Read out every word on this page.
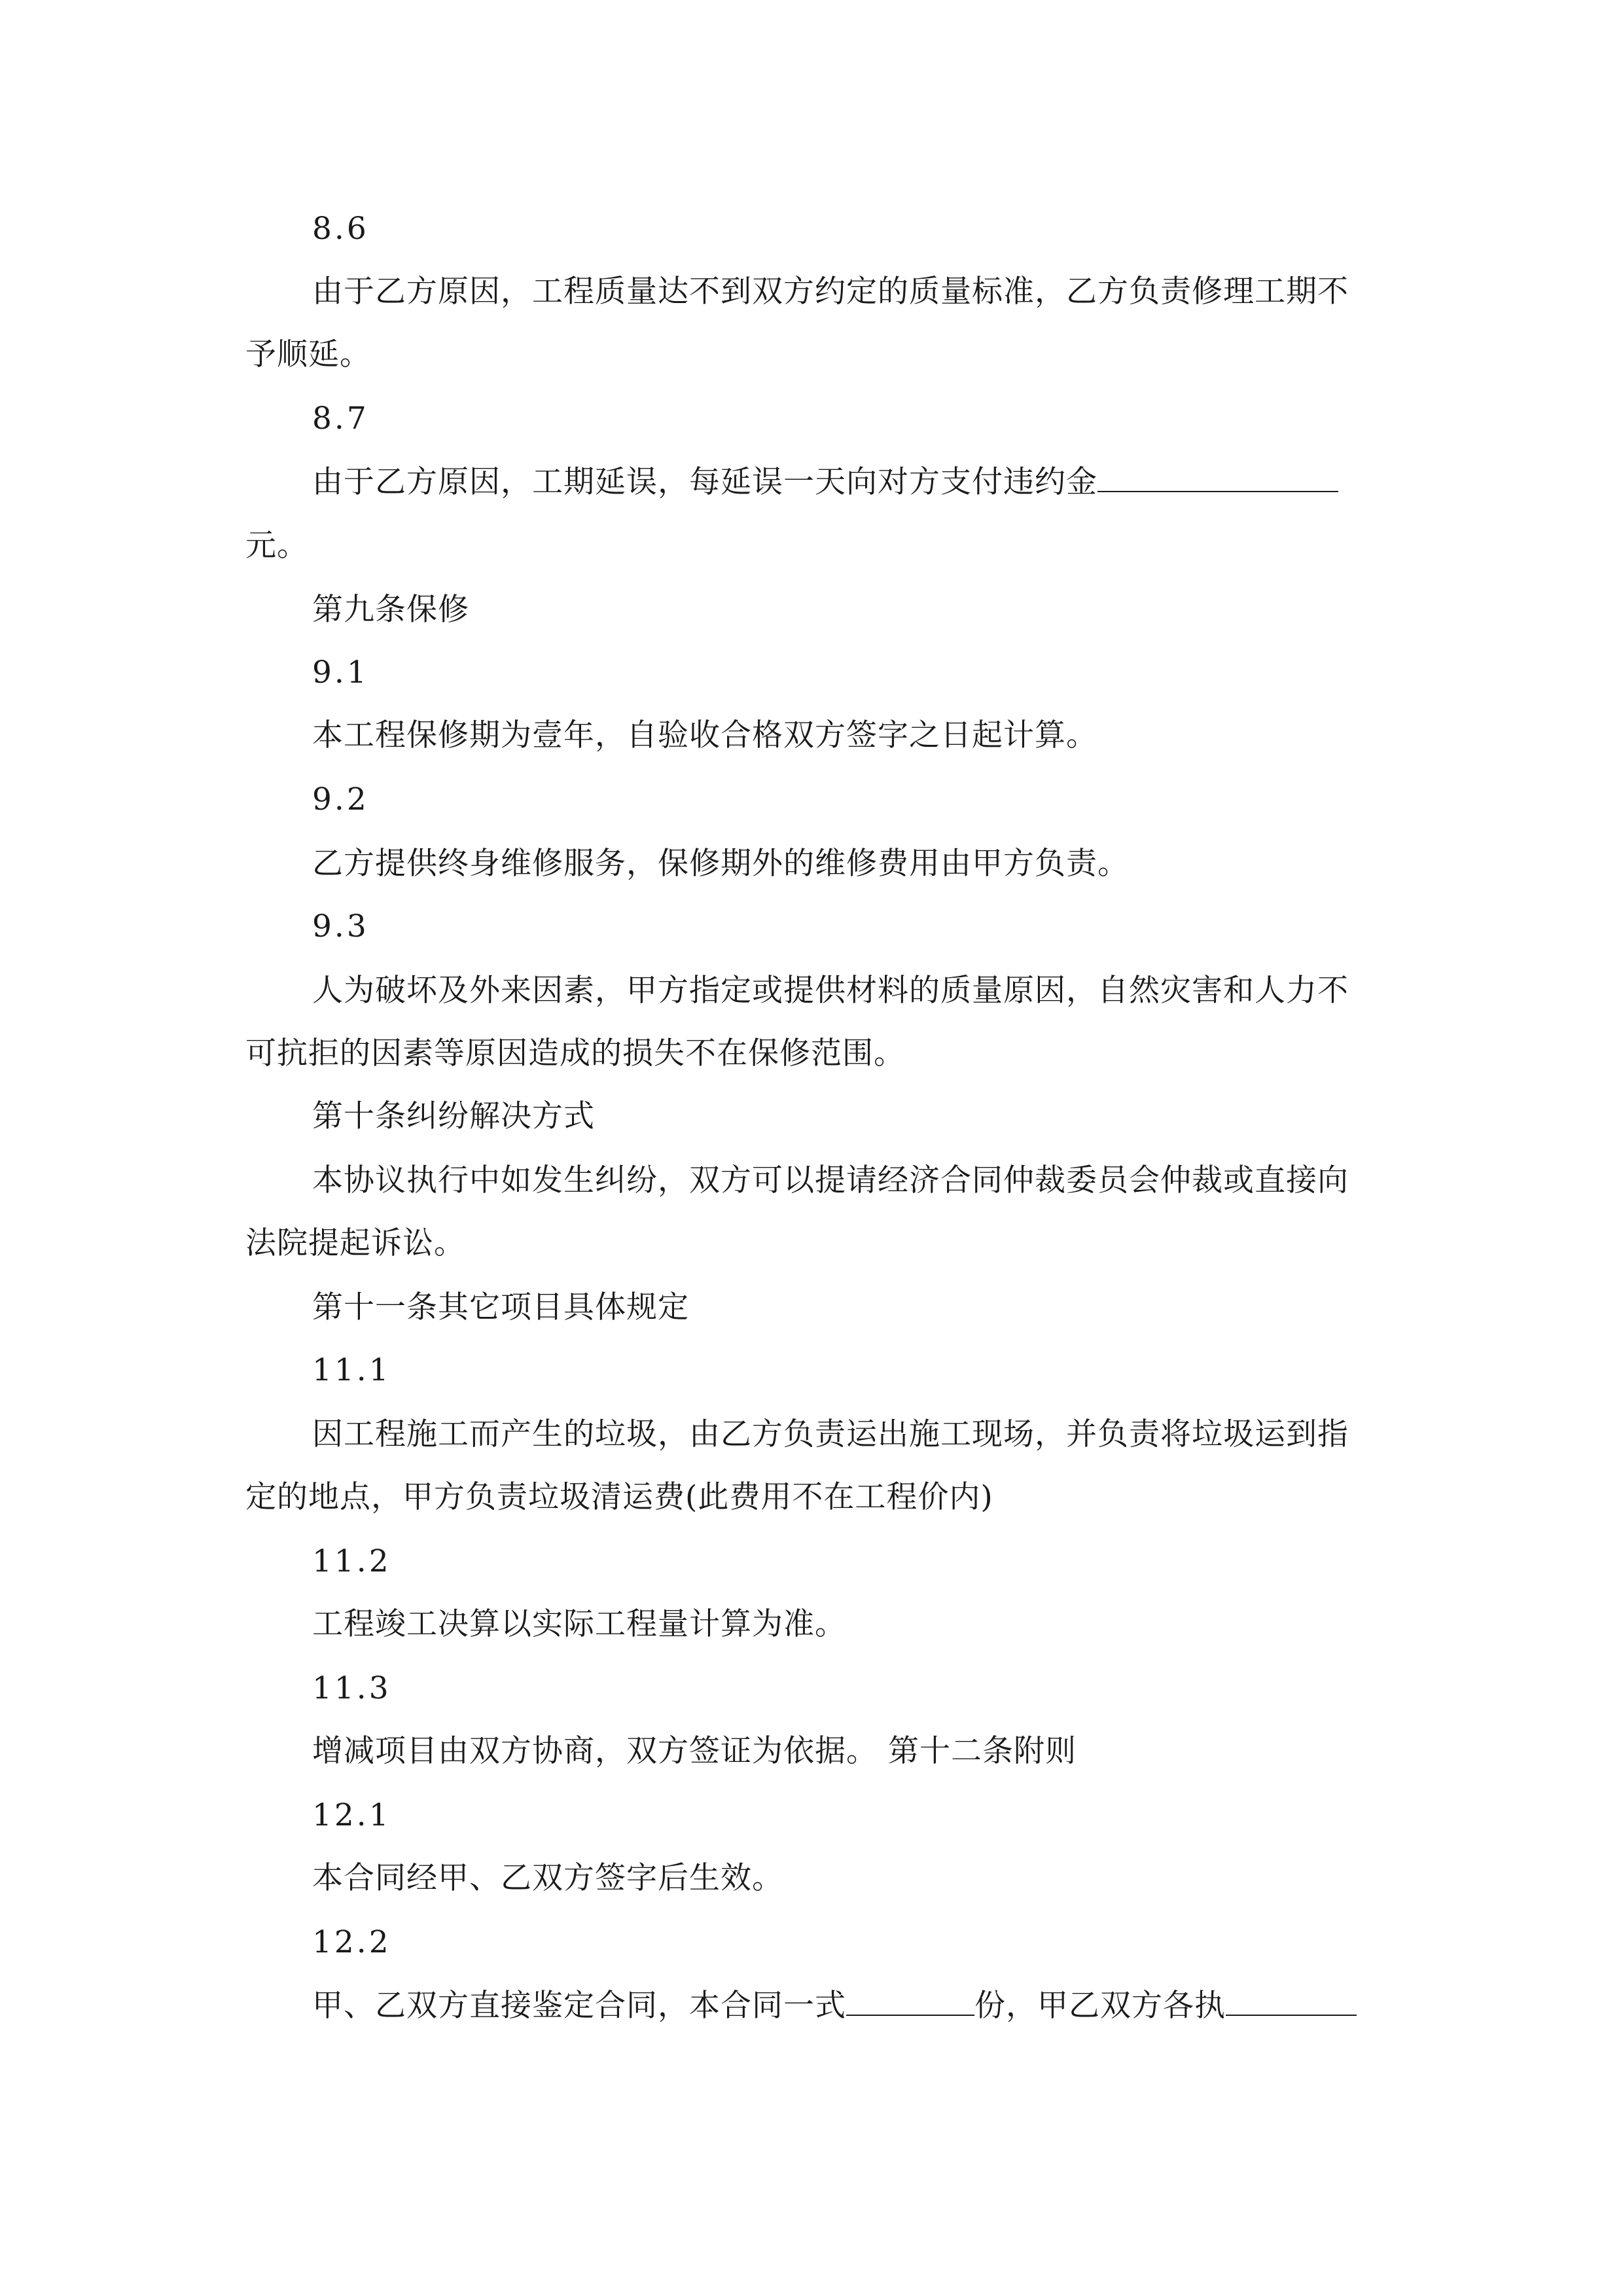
8.6
由于乙方原因，工程质量达不到双方约定的质量标准，乙方负责修理工期不
予顺延。
8.7
由于乙方原因，工期延误，每延误一天向对方支付违约金
元。
第九条保修
9.1
本工程保修期为壹年，自验收合格双方签字之日起计算。
9.2
乙方提供终身维修服务，保修期外的维修费用由甲方负责。
9.3
人为破坏及外来因素，甲方指定或提供材料的质量原因，自然灾害和人力不
可抗拒的因素等原因造成的损失不在保修范围。
第十条纠纷解决方式
本协议执行中如发生纠纷，双方可以提请经济合同仲裁委员会仲裁或直接向
法院提起诉讼。
第十一条其它项目具体规定
11.1
因工程施工而产生的垃圾，由乙方负责运出施工现场，并负责将垃圾运到指
定的地点，甲方负责垃圾清运费(此费用不在工程价内)
11.2
工程竣工决算以实际工程量计算为准。
11.3
增减项目由双方协商，双方签证为依据。 第十二条附则
12.1
本合同经甲、乙双方签字后生效。
12.2
甲、乙双方直接鉴定合同，本合同一式	份，甲乙双方各执
